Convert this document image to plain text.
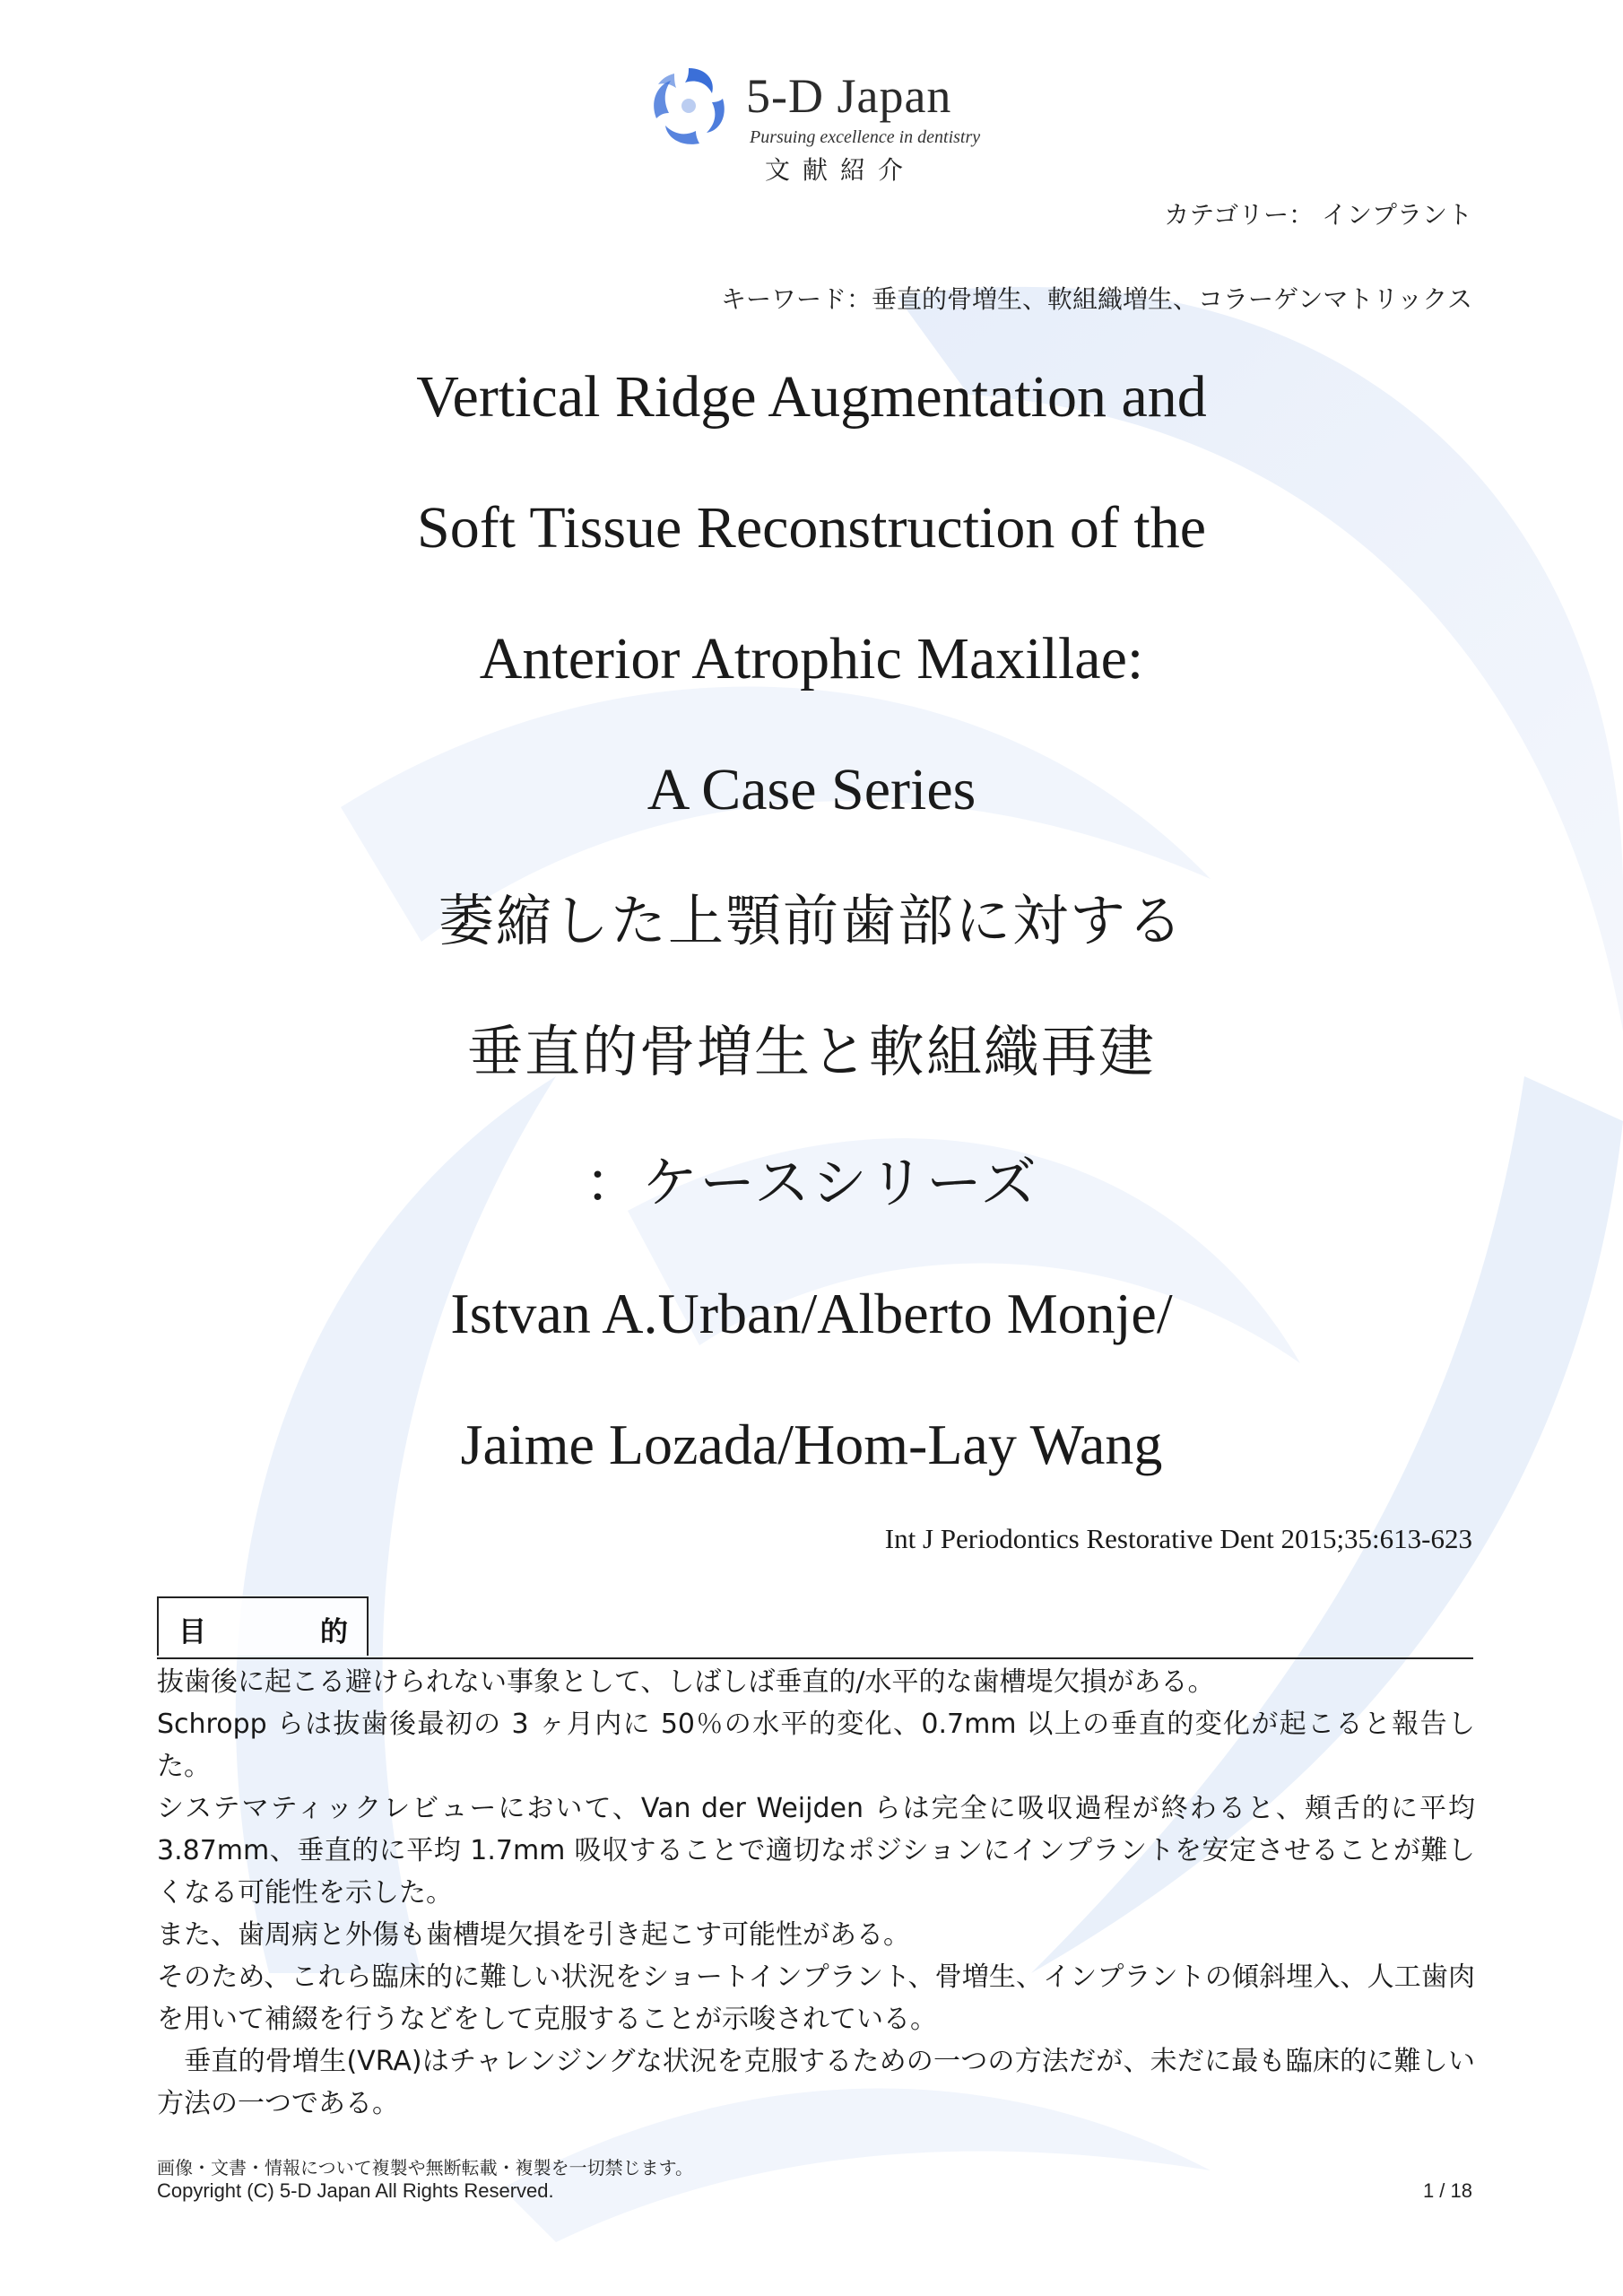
5-D Japan
Pursuing excellence in dentistry
文献紹介
カテゴリー： インプラント
キーワード：垂直的骨増生、軟組織増生、コラーゲンマトリックス

Vertical Ridge Augmentation and

Soft Tissue Reconstruction of the

Anterior Atrophic Maxillae:

A Case Series

萎縮した上顎前歯部に対する

垂直的骨増生と軟組織再建

：ケースシリーズ

Istvan A.Urban/Alberto Monje/

Jaime Lozada/Hom-Lay Wang

Int J Periodontics Restorative Dent 2015;35:613-623
目	的

抜歯後に起こる避けられない事象として、しばしば垂直的/水平的な歯槽堤欠損がある。

Schropp らは抜歯後最初の 3 ヶ月内に 50％の水平的変化、0.7mm 以上の垂直的変化が起こると報告した。

システマティックレビューにおいて、Van der Weijden らは完全に吸収過程が終わると、頬舌的に平均 3.87mm、垂直的に平均 1.7mm 吸収することで適切なポジションにインプラントを安定させることが難しくなる可能性を示した。

また、歯周病と外傷も歯槽堤欠損を引き起こす可能性がある。

そのため、これら臨床的に難しい状況をショートインプラント、骨増生、インプラントの傾斜埋入、人工歯肉を用いて補綴を行うなどをして克服することが示唆されている。

　垂直的骨増生(VRA)はチャレンジングな状況を克服するための一つの方法だが、未だに最も臨床的に難しい方法の一つである。

画像・文書・情報について複製や無断転載・複製を一切禁じます。
Copyright (C) 5-D Japan All Rights Reserved.	1 / 18
